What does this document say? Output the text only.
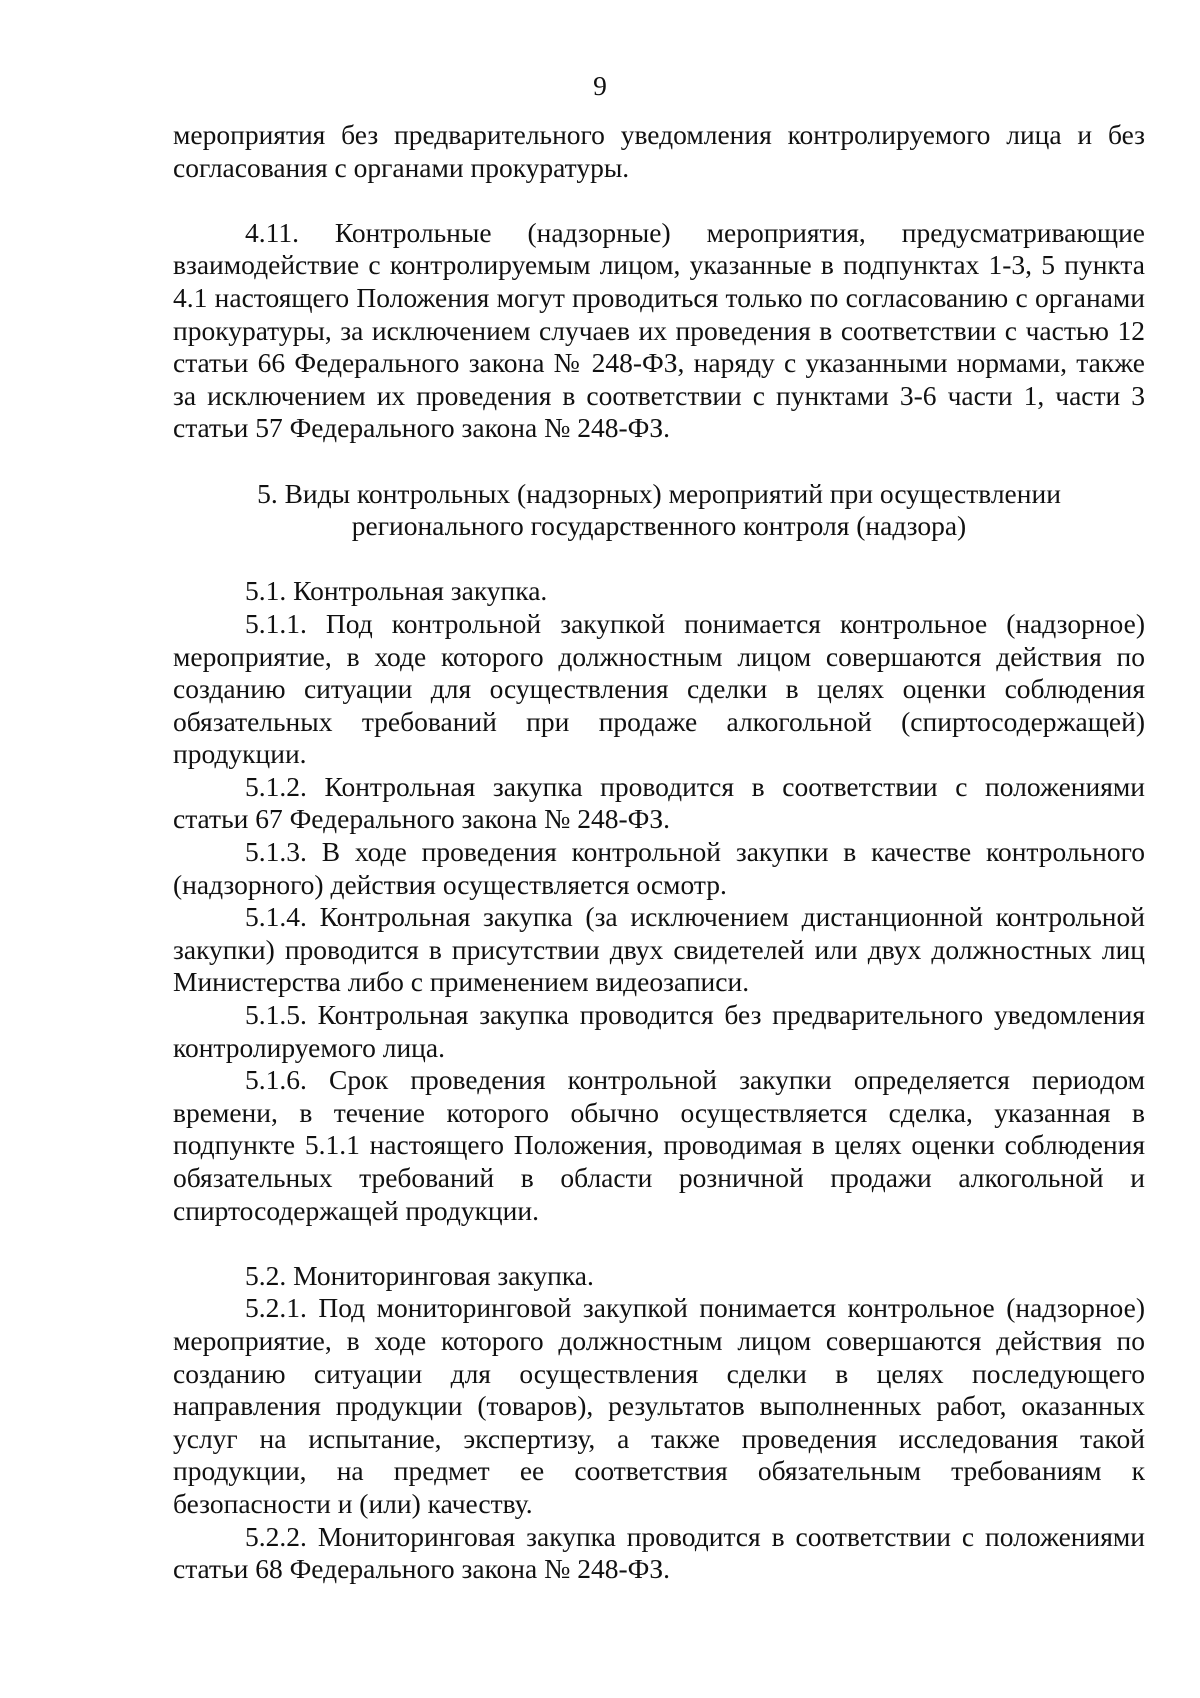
9

мероприятия без предварительного уведомления контролируемого лица и без согласования с органами прокуратуры.

4.11. Контрольные (надзорные) мероприятия, предусматривающие взаимодействие с контролируемым лицом, указанные в подпунктах 1-3, 5 пункта 4.1 настоящего Положения могут проводиться только по согласованию с органами прокуратуры, за исключением случаев их проведения в соответствии с частью 12 статьи 66 Федерального закона № 248-ФЗ, наряду с указанными нормами, также за исключением их проведения в соответствии с пунктами 3-6 части 1, части 3 статьи 57 Федерального закона № 248-ФЗ.

5. Виды контрольных (надзорных) мероприятий при осуществлении регионального государственного контроля (надзора)

5.1. Контрольная закупка.

5.1.1. Под контрольной закупкой понимается контрольное (надзорное) мероприятие, в ходе которого должностным лицом совершаются действия по созданию ситуации для осуществления сделки в целях оценки соблюдения обязательных требований при продаже алкогольной (спиртосодержащей) продукции.

5.1.2. Контрольная закупка проводится в соответствии с положениями статьи 67 Федерального закона № 248-ФЗ.

5.1.3. В ходе проведения контрольной закупки в качестве контрольного (надзорного) действия осуществляется осмотр.

5.1.4. Контрольная закупка (за исключением дистанционной контрольной закупки) проводится в присутствии двух свидетелей или двух должностных лиц Министерства либо с применением видеозаписи.

5.1.5. Контрольная закупка проводится без предварительного уведомления контролируемого лица.

5.1.6. Срок проведения контрольной закупки определяется периодом времени, в течение которого обычно осуществляется сделка, указанная в подпункте 5.1.1 настоящего Положения, проводимая в целях оценки соблюдения обязательных требований в области розничной продажи алкогольной и спиртосодержащей продукции.

5.2. Мониторинговая закупка.

5.2.1. Под мониторинговой закупкой понимается контрольное (надзорное) мероприятие, в ходе которого должностным лицом совершаются действия по созданию ситуации для осуществления сделки в целях последующего направления продукции (товаров), результатов выполненных работ, оказанных услуг на испытание, экспертизу, а также проведения исследования такой продукции, на предмет ее соответствия обязательным требованиям к безопасности и (или) качеству.

5.2.2. Мониторинговая закупка проводится в соответствии с положениями статьи 68 Федерального закона № 248-ФЗ.
